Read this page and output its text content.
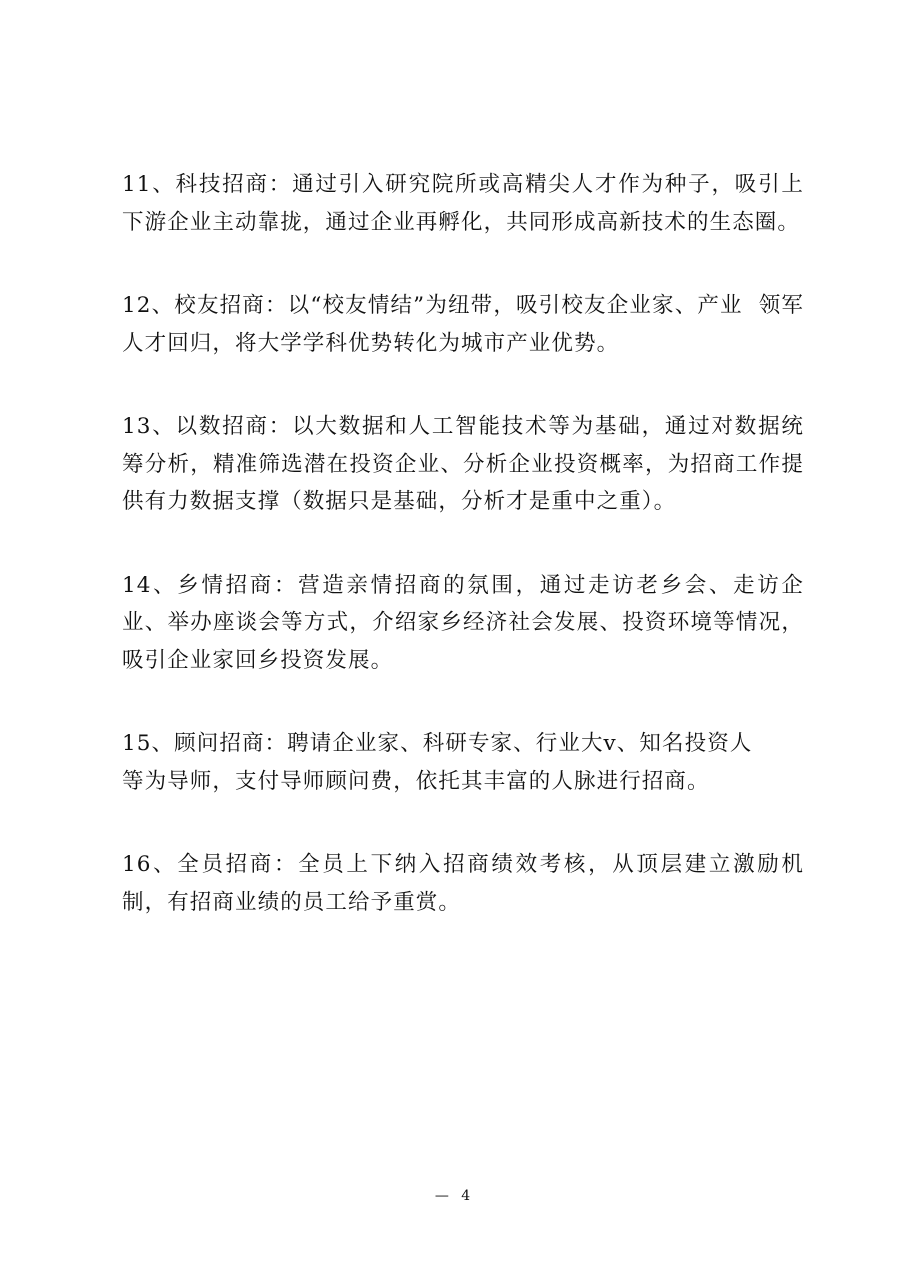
11、科技招商：通过引入研究院所或高精尖人才作为种子，吸引上下游企业主动靠拢，通过企业再孵化，共同形成高新技术的生态圈。

12、校友招商：以“校友情结”为纽带，吸引校友企业家、产业  领军人才回归，将大学学科优势转化为城市产业优势。

13、以数招商：以大数据和人工智能技术等为基础，通过对数据统筹分析，精准筛选潜在投资企业、分析企业投资概率，为招商工作提供有力数据支撑（数据只是基础，分析才是重中之重）。

14、乡情招商：营造亲情招商的氛围，通过走访老乡会、走访企业、举办座谈会等方式，介绍家乡经济社会发展、投资环境等情况，吸引企业家回乡投资发展。

15、顾问招商：聘请企业家、科研专家、行业大v、知名投资人
等为导师，支付导师顾问费，依托其丰富的人脉进行招商。

16、全员招商：全员上下纳入招商绩效考核，从顶层建立激励机制，有招商业绩的员工给予重赏。

— 4
